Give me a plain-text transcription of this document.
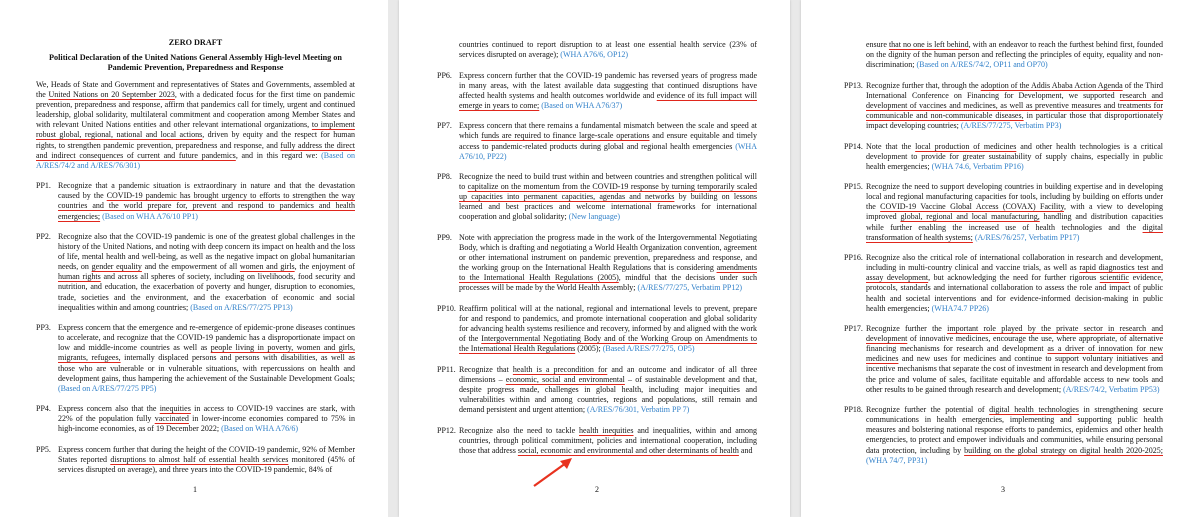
ZERO DRAFT
Political Declaration of the United Nations General Assembly High-level Meeting on Pandemic Prevention, Preparedness and Response
We, Heads of State and Government and representatives of States and Governments, assembled at the United Nations on 20 September 2023, with a dedicated focus for the first time on pandemic prevention, preparedness and response, affirm that pandemics call for timely, urgent and continued leadership, global solidarity, multilateral commitment and cooperation among Member States and with relevant United Nations entities and other relevant international organizations, to implement robust global, regional, national and local actions, driven by equity and the respect for human rights, to strengthen pandemic prevention, preparedness and response, and fully address the direct and indirect consequences of current and future pandemics, and in this regard we: (Based on A/RES/74/2 and A/RES/76/301)
PP1. Recognize that a pandemic situation is extraordinary in nature and that the devastation caused by the COVID-19 pandemic has brought urgency to efforts to strengthen the way countries and the world prepare for, prevent and respond to pandemics and health emergencies; (Based on WHA A76/10 PP1)
PP2. Recognize also that the COVID-19 pandemic is one of the greatest global challenges in the history of the United Nations, and noting with deep concern its impact on health and the loss of life, mental health and well-being, as well as the negative impact on global humanitarian needs, on gender equality and the empowerment of all women and girls, the enjoyment of human rights and across all spheres of society, including on livelihoods, food security and nutrition, and education, the exacerbation of poverty and hunger, disruption to economies, trade, societies and the environment, and the exacerbation of economic and social inequalities within and among countries; (Based on A/RES/77/275 PP13)
PP3. Express concern that the emergence and re-emergence of epidemic-prone diseases continues to accelerate, and recognize that the COVID-19 pandemic has a disproportionate impact on low and middle-income countries as well as people living in poverty, women and girls, migrants, refugees, internally displaced persons and persons with disabilities, as well as those who are vulnerable or in vulnerable situations, with repercussions on health and development gains, thus hampering the achievement of the Sustainable Development Goals; (Based on A/RES/77/275 PP5)
PP4. Express concern also that the inequities in access to COVID-19 vaccines are stark, with 22% of the population fully vaccinated in lower-income economies compared to 75% in high-income economies, as of 19 December 2022; (Based on WHA A76/6)
PP5. Express concern further that during the height of the COVID-19 pandemic, 92% of Member States reported disruptions to almost half of essential health services monitored (45% of services disrupted on average), and three years into the COVID-19 pandemic, 84% of
1
countries continued to report disruption to at least one essential health service (23% of services disrupted on average); (WHA A76/6, OP12)
PP6. Express concern further that the COVID-19 pandemic has reversed years of progress made in many areas, with the latest available data suggesting that continued disruptions have affected health systems and health outcomes worldwide and evidence of its full impact will emerge in years to come; (Based on WHA A76/37)
PP7. Express concern that there remains a fundamental mismatch between the scale and speed at which funds are required to finance large-scale operations and ensure equitable and timely access to pandemic-related products during global and regional health emergencies (WHA A76/10, PP22)
PP8. Recognize the need to build trust within and between countries and strengthen political will to capitalize on the momentum from the COVID-19 response by turning temporarily scaled up capacities into permanent capacities, agendas and networks by building on lessons learned and best practices and welcome international frameworks for international cooperation and global solidarity; (New language)
PP9. Note with appreciation the progress made in the work of the Intergovernmental Negotiating Body, which is drafting and negotiating a World Health Organization convention, agreement or other international instrument on pandemic prevention, preparedness and response, and the working group on the International Health Regulations that is considering amendments to the International Health Regulations (2005), mindful that the decisions under such processes will be made by the World Health Assembly; (A/RES/77/275, Verbatim PP12)
PP10. Reaffirm political will at the national, regional and international levels to prevent, prepare for and respond to pandemics, and promote international cooperation and global solidarity for advancing health systems resilience and recovery, informed by and aligned with the work of the Intergovernmental Negotiating Body and of the Working Group on Amendments to the International Health Regulations (2005); (Based A/RES/77/275, OP5)
PP11. Recognize that health is a precondition for and an outcome and indicator of all three dimensions – economic, social and environmental – of sustainable development and that, despite progress made, challenges in global health, including major inequities and vulnerabilities within and among countries, regions and populations, still remain and demand persistent and urgent attention; (A/RES/76/301, Verbatim PP 7)
PP12. Recognize also the need to tackle health inequities and inequalities, within and among countries, through political commitment, policies and international cooperation, including those that address social, economic and environmental and other determinants of health and
2
ensure that no one is left behind, with an endeavor to reach the furthest behind first, founded on the dignity of the human person and reflecting the principles of equity, equality and non-discrimination; (Based on A/RES/74/2, OP11 and OP70)
PP13. Recognize further that, through the adoption of the Addis Ababa Action Agenda of the Third International Conference on Financing for Development, we supported research and development of vaccines and medicines, as well as preventive measures and treatments for communicable and non-communicable diseases, in particular those that disproportionately impact developing countries; (A/RES/77/275, Verbatim PP3)
PP14. Note that the local production of medicines and other health technologies is a critical development to provide for greater sustainability of supply chains, especially in public health emergencies; (WHA 74.6, Verbatim PP16)
PP15. Recognize the need to support developing countries in building expertise and in developing local and regional manufacturing capacities for tools, including by building on efforts under the COVID-19 Vaccine Global Access (COVAX) Facility, with a view to developing improved global, regional and local manufacturing, handling and distribution capacities while further enabling the increased use of health technologies and the digital transformation of health systems; (A/RES/76/257, Verbatim PP17)
PP16. Recognize also the critical role of international collaboration in research and development, including in multi-country clinical and vaccine trials, as well as rapid diagnostics test and assay development, but acknowledging the need for further rigorous scientific evidence, protocols, standards and international collaboration to assess the role and impact of public health and societal interventions and for evidence-informed decision-making in public health emergencies; (WHA74.7 PP26)
PP17. Recognize further the important role played by the private sector in research and development of innovative medicines, encourage the use, where appropriate, of alternative financing mechanisms for research and development as a driver of innovation for new medicines and new uses for medicines and continue to support voluntary initiatives and incentive mechanisms that separate the cost of investment in research and development from the price and volume of sales, facilitate equitable and affordable access to new tools and other results to be gained through research and development; (A/RES/74/2, Verbatim PP53)
PP18. Recognize further the potential of digital health technologies in strengthening secure communications in health emergencies, implementing and supporting public health measures and bolstering national response efforts to pandemics, epidemics and other health emergencies, to protect and empower individuals and communities, while ensuring personal data protection, including by building on the global strategy on digital health 2020-2025; (WHA 74/7, PP31)
3
